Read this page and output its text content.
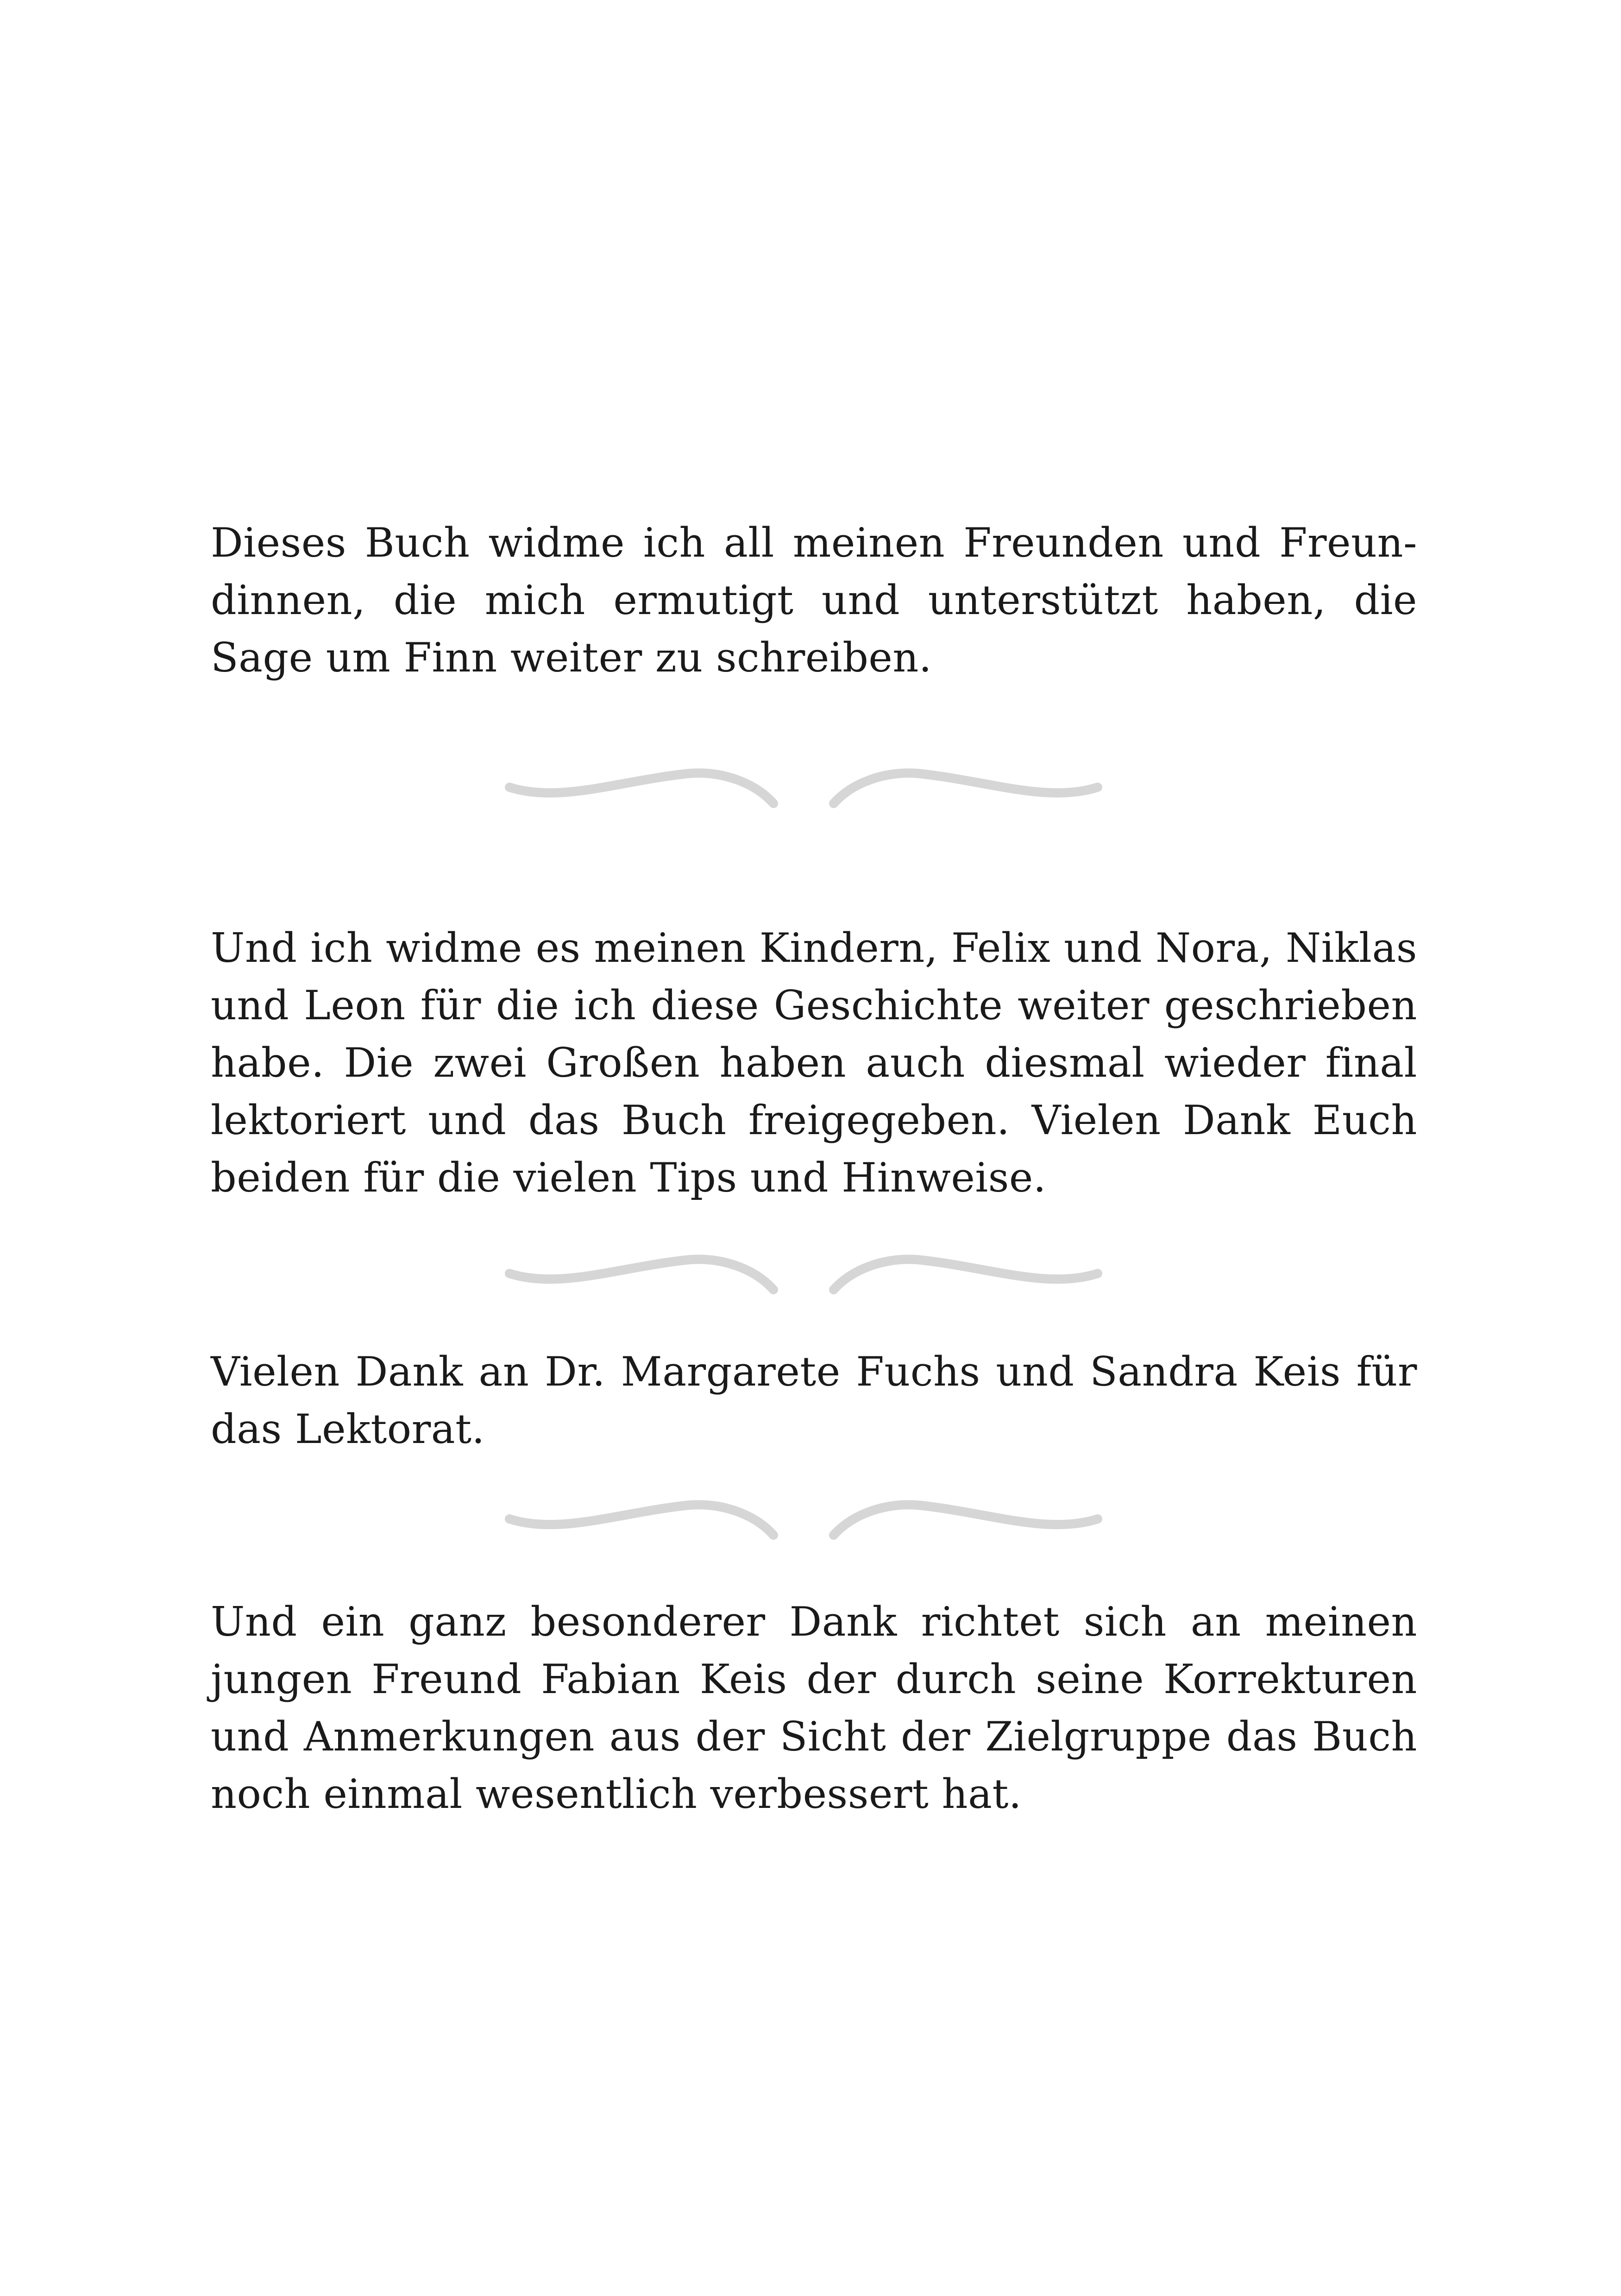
Dieses Buch widme ich all meinen Freunden und Freun-
dinnen, die mich ermutigt und unterstützt haben, die
Sage um Finn weiter zu schreiben.
Und ich widme es meinen Kindern, Felix und Nora, Niklas
und Leon für die ich diese Geschichte weiter geschrieben
habe. Die zwei Großen haben auch diesmal wieder final
lektoriert und das Buch freigegeben. Vielen Dank Euch
beiden für die vielen Tips und Hinweise.
Vielen Dank an Dr. Margarete Fuchs und Sandra Keis für
das Lektorat.
Und ein ganz besonderer Dank richtet sich an meinen
jungen Freund Fabian Keis der durch seine Korrekturen
und Anmerkungen aus der Sicht der Zielgruppe das Buch
noch einmal wesentlich verbessert hat.
